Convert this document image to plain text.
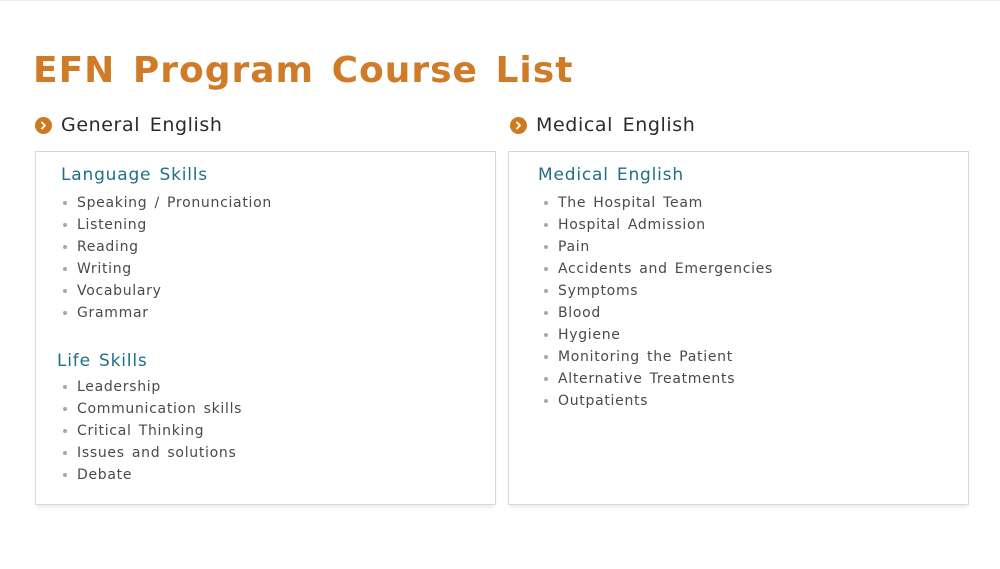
EFN Program Course List
General English	Medical English
Language Skills
Speaking / Pronunciation
Listening
Reading
Writing
Vocabulary
Grammar
Life Skills
Leadership
Communication skills
Critical Thinking
Issues and solutions
Debate
Medical English
The Hospital Team
Hospital Admission
Pain
Accidents and Emergencies
Symptoms
Blood
Hygiene
Monitoring the Patient
Alternative Treatments
Outpatients
